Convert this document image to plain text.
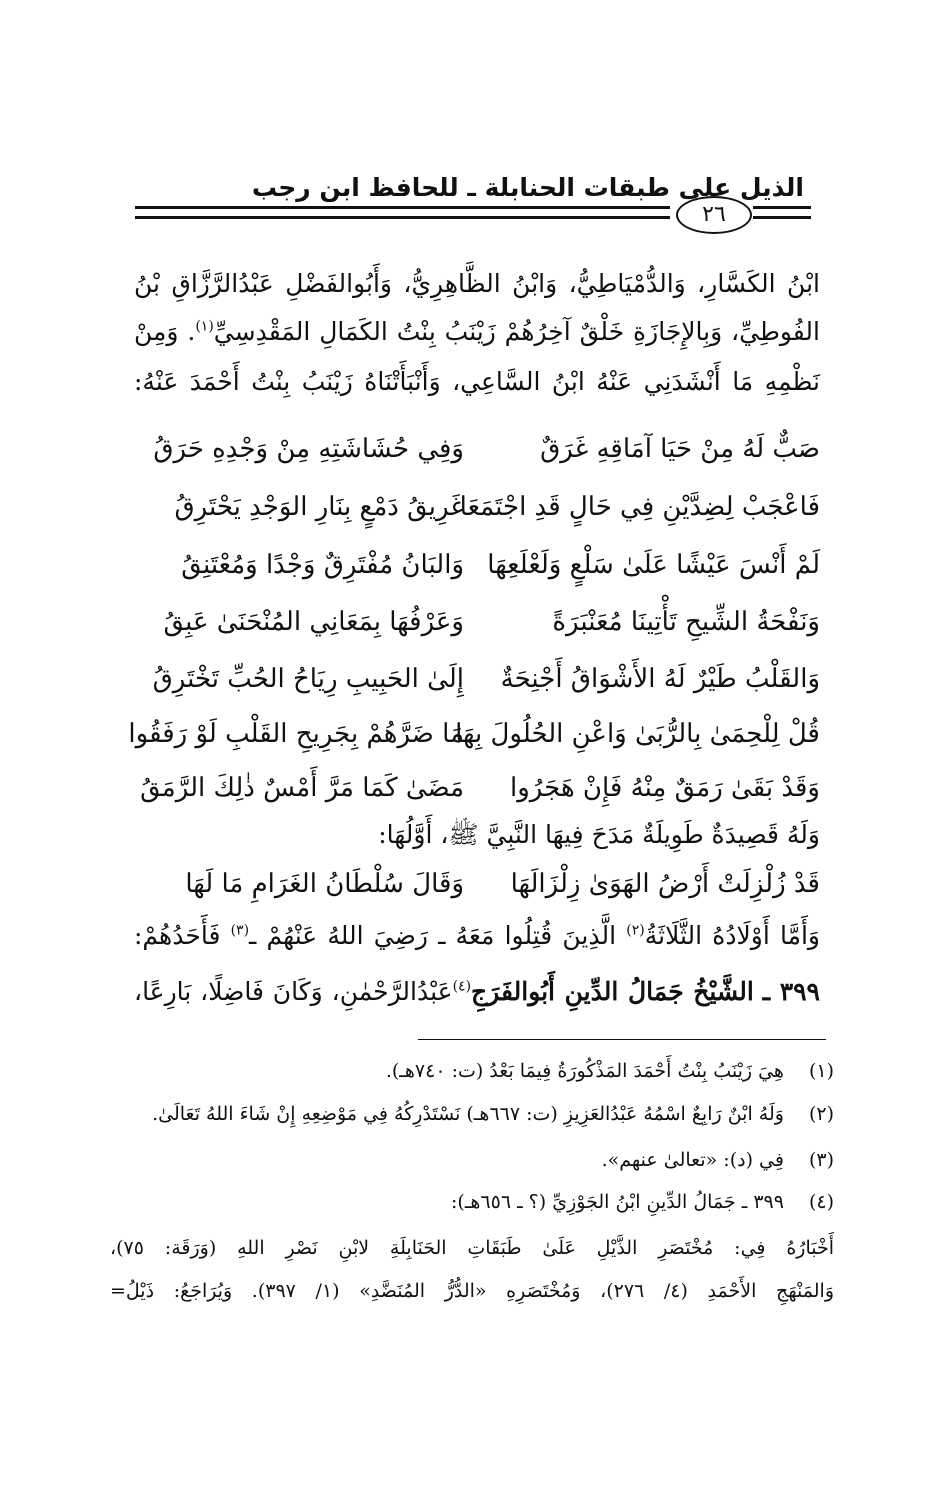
الذيل على طبقات الحنابلة ـ للحافظ ابن رجب
٢٦
ابْنُ الكَسَّارِ، وَالدُّمْيَاطِيُّ، وَابْنُ الظَّاهِرِيُّ، وَأَبُوالفَضْلِ عَبْدُالرَّزَّاقِ بْنُ
الفُوطِيِّ، وَبِالإِجَازَةِ خَلْقٌ آخِرُهُمْ زَيْنَبُ بِنْتُ الكَمَالِ المَقْدِسِيِّ$^{(١)}$. وَمِنْ
نَظْمِهِ مَا أَنْشَدَنِي عَنْهُ ابْنُ السَّاعِي، وَأَنْبَأَتْنَاهُ زَيْنَبُ بِنْتُ أَحْمَدَ عَنْهُ:
صَبٌّ لَهُ مِنْ حَيَا آمَاقِهِ غَرَقٌ
وَفِي حُشَاشَتِهِ مِنْ وَجْدِهِ حَرَقُ
فَاعْجَبْ لِضِدَّيْنِ فِي حَالٍ قَدِ اجْتَمَعَا
غَرِيقُ دَمْعٍ بِنَارِ الوَجْدِ يَحْتَرِقُ
لَمْ أَنْسَ عَيْشًا عَلَىٰ سَلْعٍ وَلَعْلَعِهَا
وَالبَانُ مُفْتَرِقٌ وَجْدًا وَمُعْتَنِقُ
وَنَفْحَةُ الشِّيحِ تَأْتِينَا مُعَنْبَرَةً
وَعَرْفُهَا بِمَعَانِي المُنْحَنَىٰ عَبِقُ
وَالقَلْبُ طَيْرٌ لَهُ الأَشْوَاقُ أَجْنِحَةٌ
إِلَىٰ الحَبِيبِ رِيَاحُ الحُبِّ تَخْتَرِقُ
قُلْ لِلْحِمَىٰ بِالرُّبَىٰ وَاعْنِ الحُلُولَ بِهَا
مَا ضَرَّهُمْ بِجَرِيحِ القَلْبِ لَوْ رَفَقُوا
وَقَدْ بَقَىٰ رَمَقٌ مِنْهُ فَإِنْ هَجَرُوا
مَضَىٰ كَمَا مَرَّ أَمْسٌ ذٰلِكَ الرَّمَقُ
وَلَهُ قَصِيدَةٌ طَوِيلَةٌ مَدَحَ فِيهَا النَّبِيَّ ﷺ، أَوَّلُهَا:
قَدْ زُلْزِلَتْ أَرْضُ الهَوَىٰ زِلْزَالَهَا
وَقَالَ سُلْطَانُ الغَرَامِ مَا لَهَا
وَأَمَّا أَوْلَادُهُ الثَّلَاثَةُ$^{(٢)}$ الَّذِينَ قُتِلُوا مَعَهُ ـ رَضِيَ اللهُ عَنْهُمْ ـ$^{(٣)}$ فَأَحَدُهُمْ:
٣٩٩ ـ الشَّيْخُ جَمَالُ الدِّينِ أَبُوالفَرَجِ$^{(٤)}$عَبْدُالرَّحْمٰنِ، وَكَانَ فَاضِلًا، بَارِعًا،
(١) هِيَ زَيْنَبُ بِنْتُ أَحْمَدَ المَذْكُورَةُ فِيمَا بَعْدُ (ت: ٧٤٠هـ).
(٢) وَلَهُ ابْنٌ رَابِعٌ اسْمُهُ عَبْدُالعَزِيزِ (ت: ٦٦٧هـ) نَسْتَدْرِكُهُ فِي مَوْضِعِهِ إِنْ شَاءَ اللهُ تَعَالَىٰ.
(٣) فِي (د): «تعالىٰ عنهم».
(٤) ٣٩٩ ـ جَمَالُ الدِّينِ ابْنُ الجَوْزِيِّ (؟ ـ ٦٥٦هـ):
أَخْبَارُهُ فِي: مُخْتَصَرِ الذَّيْلِ عَلَىٰ طَبَقَاتِ الحَنَابِلَةِ لابْنِ نَصْرِ اللهِ (وَرَقَة: ٧٥)،
وَالمَنْهَجِ الأَحْمَدِ (٤/ ٢٧٦)، وَمُخْتَصَرِهِ «الدُّرُّ المُنَضَّدِ» (١/ ٣٩٧). وَيُرَاجَعُ: ذَيْلُ=
